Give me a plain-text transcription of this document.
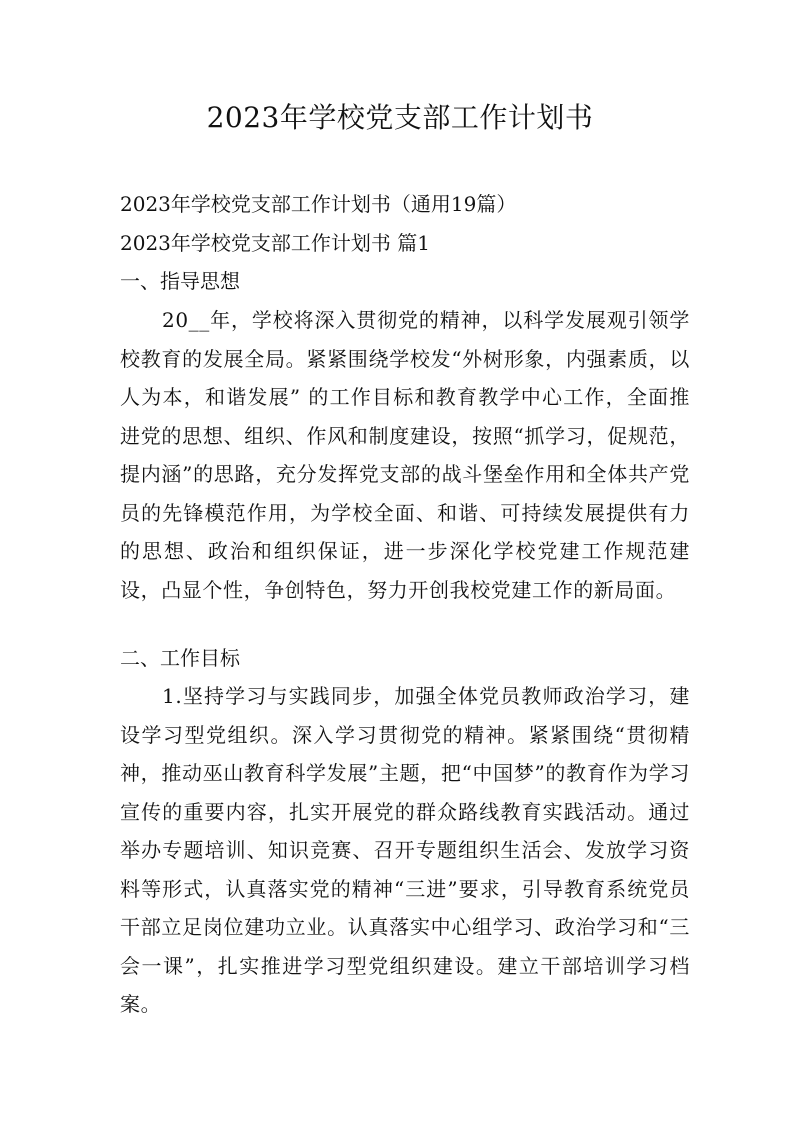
2023年学校党支部工作计划书
2023年学校党支部工作计划书（通用19篇）
2023年学校党支部工作计划书 篇1
一、指导思想

20__年，学校将深入贯彻党的精神，以科学发展观引领学校教育的发展全局。紧紧围绕学校发“外树形象，内强素质，以人为本，和谐发展” 的工作目标和教育教学中心工作，全面推进党的思想、组织、作风和制度建设，按照“抓学习，促规范，提内涵”的思路，充分发挥党支部的战斗堡垒作用和全体共产党员的先锋模范作用，为学校全面、和谐、可持续发展提供有力的思想、政治和组织保证，进一步深化学校党建工作规范建设，凸显个性，争创特色，努力开创我校党建工作的新局面。

二、工作目标

1.坚持学习与实践同步，加强全体党员教师政治学习，建设学习型党组织。深入学习贯彻党的精神。紧紧围绕“贯彻精神，推动巫山教育科学发展”主题，把“中国梦”的教育作为学习宣传的重要内容，扎实开展党的群众路线教育实践活动。通过举办专题培训、知识竞赛、召开专题组织生活会、发放学习资料等形式，认真落实党的精神“三进”要求，引导教育系统党员干部立足岗位建功立业。认真落实中心组学习、政治学习和“三会一课”，扎实推进学习型党组织建设。建立干部培训学习档案。
